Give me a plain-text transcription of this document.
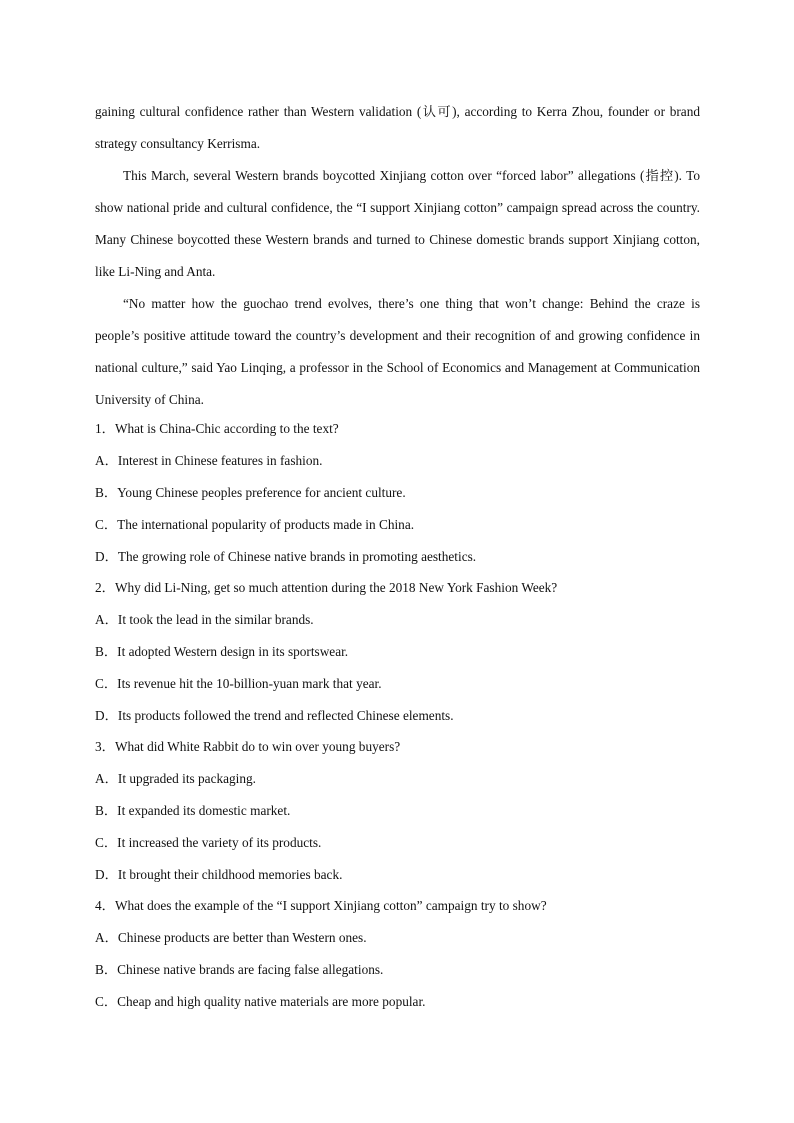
gaining cultural confidence rather than Western validation (认可), according to Kerra Zhou, founder or brand strategy consultancy Kerrisma.

This March, several Western brands boycotted Xinjiang cotton over “forced labor” allegations (指控). To show national pride and cultural confidence, the “I support Xinjiang cotton” campaign spread across the country. Many Chinese boycotted these Western brands and turned to Chinese domestic brands support Xinjiang cotton, like Li-Ning and Anta.

“No matter how the guochao trend evolves, there’s one thing that won’t change: Behind the craze is people’s positive attitude toward the country’s development and their recognition of and growing confidence in national culture,” said Yao Linqing, a professor in the School of Economics and Management at Communication University of China.

1．What is China-Chic according to the text?

A．Interest in Chinese features in fashion.

B．Young Chinese peoples preference for ancient culture.

C．The international popularity of products made in China.

D．The growing role of Chinese native brands in promoting aesthetics.

2．Why did Li-Ning, get so much attention during the 2018 New York Fashion Week?

A．It took the lead in the similar brands.

B．It adopted Western design in its sportswear.

C．Its revenue hit the 10-billion-yuan mark that year.

D．Its products followed the trend and reflected Chinese elements.

3．What did White Rabbit do to win over young buyers?

A．It upgraded its packaging.

B．It expanded its domestic market.

C．It increased the variety of its products.

D．It brought their childhood memories back.

4．What does the example of the “I support Xinjiang cotton” campaign try to show?

A．Chinese products are better than Western ones.

B．Chinese native brands are facing false allegations.

C．Cheap and high quality native materials are more popular.
